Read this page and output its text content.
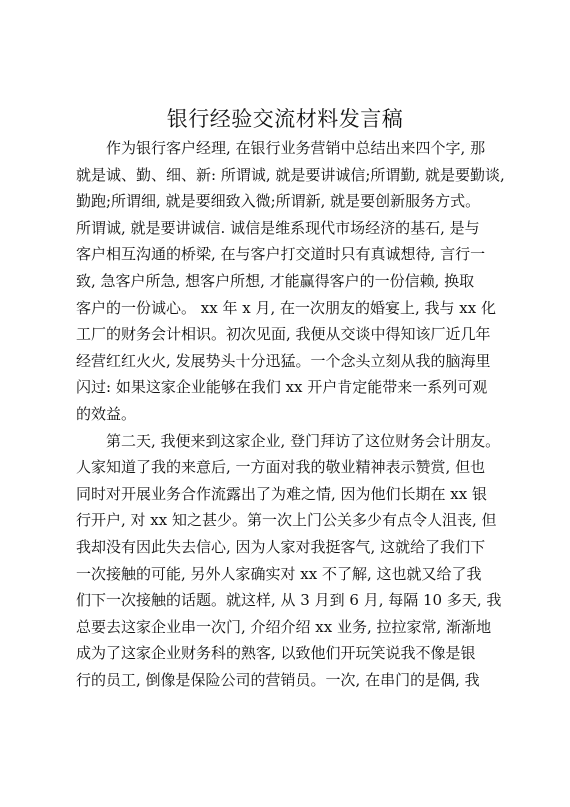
银行经验交流材料发言稿
作为银行客户经理, 在银行业务营销中总结出来四个字, 那
就是诚、勤、细、新: 所谓诚, 就是要讲诚信;所谓勤, 就是要勤谈,
勤跑;所谓细, 就是要细致入微;所谓新, 就是要创新服务方式。
所谓诚, 就是要讲诚信. 诚信是维系现代市场经济的基石, 是与
客户相互沟通的桥梁, 在与客户打交道时只有真诚想待, 言行一
致, 急客户所急, 想客户所想, 才能赢得客户的一份信赖, 换取
客户的一份诚心。 xx 年 x 月, 在一次朋友的婚宴上, 我与 xx 化
工厂的财务会计相识。初次见面, 我便从交谈中得知该厂近几年
经营红红火火, 发展势头十分迅猛。一个念头立刻从我的脑海里
闪过: 如果这家企业能够在我们 xx 开户肯定能带来一系列可观
的效益。
第二天, 我便来到这家企业, 登门拜访了这位财务会计朋友。
人家知道了我的来意后, 一方面对我的敬业精神表示赞赏, 但也
同时对开展业务合作流露出了为难之情, 因为他们长期在 xx 银
行开户, 对 xx 知之甚少。第一次上门公关多少有点令人沮丧, 但
我却没有因此失去信心, 因为人家对我挺客气, 这就给了我们下
一次接触的可能, 另外人家确实对 xx 不了解, 这也就又给了我
们下一次接触的话题。就这样, 从 3 月到 6 月, 每隔 10 多天, 我
总要去这家企业串一次门, 介绍介绍 xx 业务, 拉拉家常, 渐渐地
成为了这家企业财务科的熟客, 以致他们开玩笑说我不像是银
行的员工, 倒像是保险公司的营销员。一次, 在串门的是偶, 我
